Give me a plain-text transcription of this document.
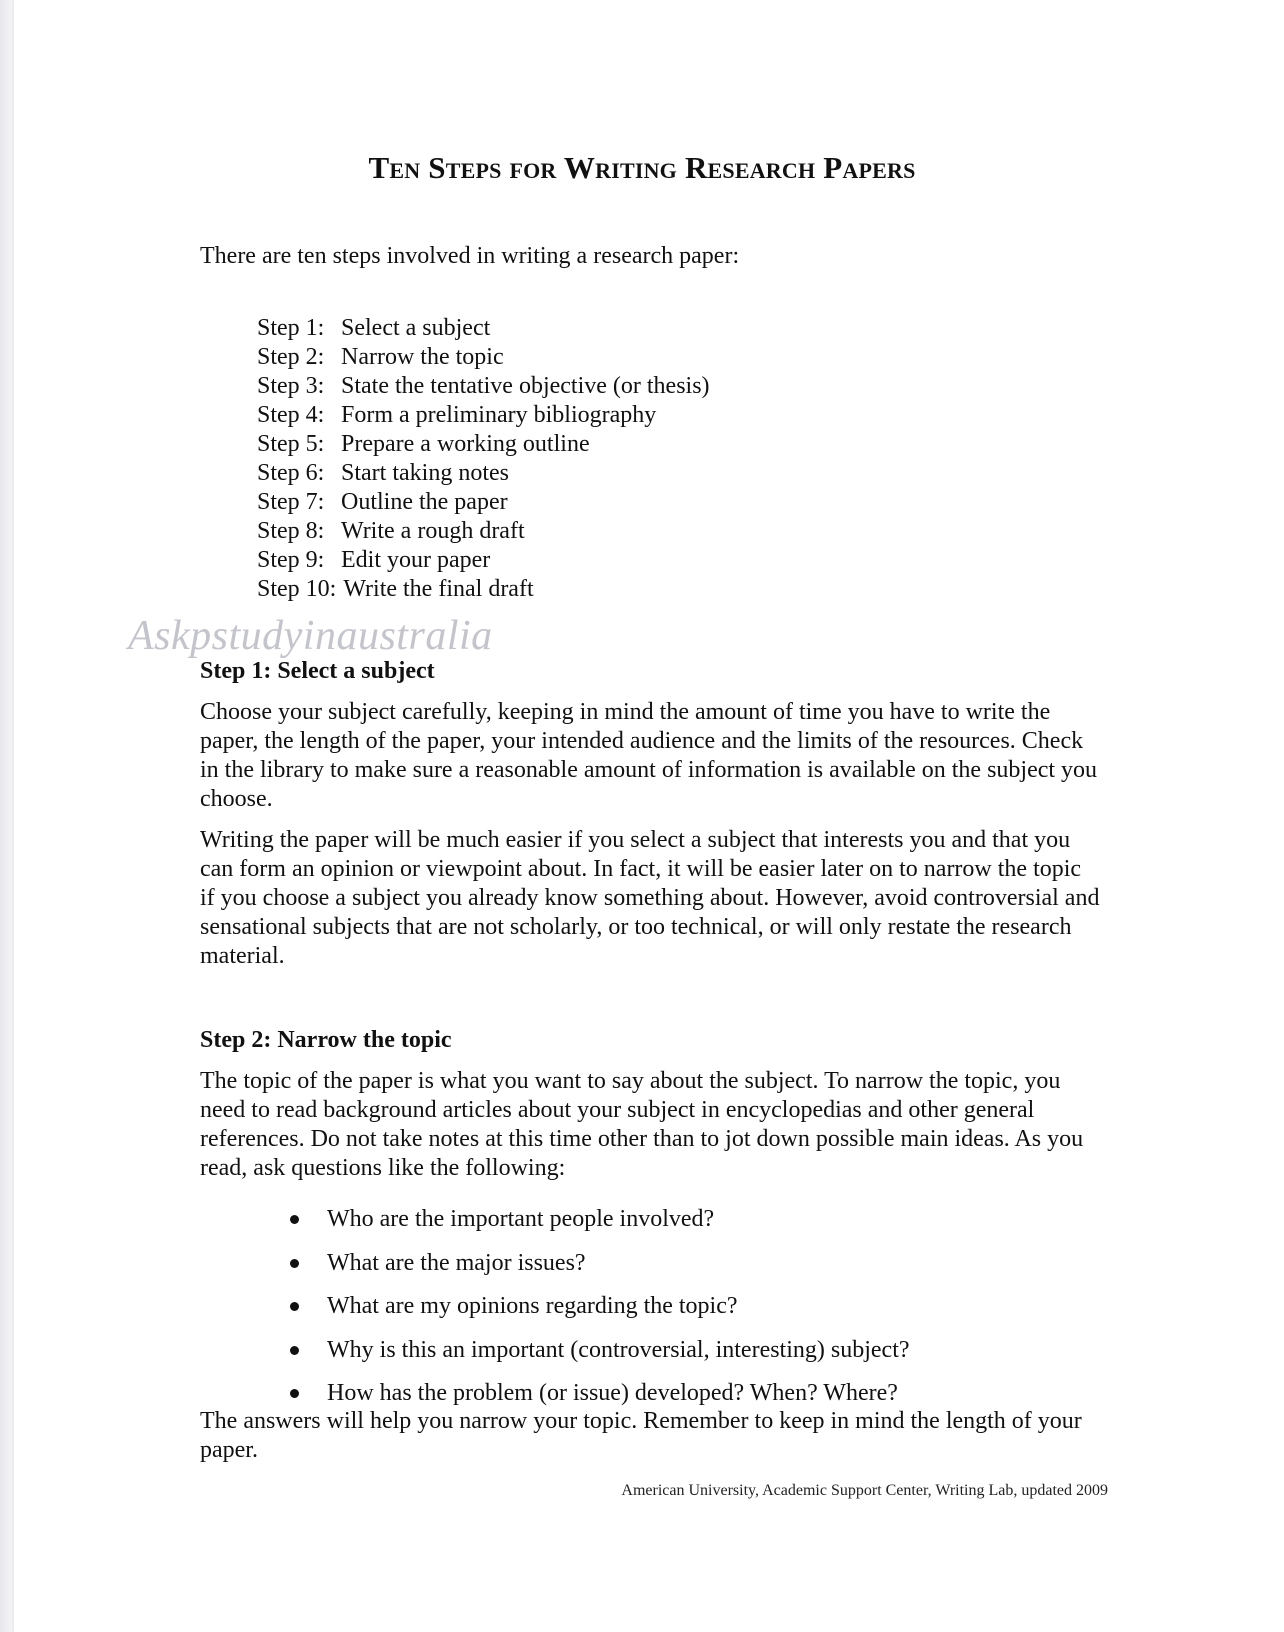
Ten Steps for Writing Research Papers
There are ten steps involved in writing a research paper:
Step 1: Select a subject
Step 2: Narrow the topic
Step 3: State the tentative objective (or thesis)
Step 4: Form a preliminary bibliography
Step 5: Prepare a working outline
Step 6: Start taking notes
Step 7: Outline the paper
Step 8: Write a rough draft
Step 9: Edit your paper
Step 10: Write the final draft
Askpstudyinaustralia
Step 1: Select a subject
Choose your subject carefully, keeping in mind the amount of time you have to write the paper, the length of the paper, your intended audience and the limits of the resources. Check in the library to make sure a reasonable amount of information is available on the subject you choose.
Writing the paper will be much easier if you select a subject that interests you and that you can form an opinion or viewpoint about. In fact, it will be easier later on to narrow the topic if you choose a subject you already know something about. However, avoid controversial and sensational subjects that are not scholarly, or too technical, or will only restate the research material.
Step 2: Narrow the topic
The topic of the paper is what you want to say about the subject. To narrow the topic, you need to read background articles about your subject in encyclopedias and other general references. Do not take notes at this time other than to jot down possible main ideas. As you read, ask questions like the following:
Who are the important people involved?
What are the major issues?
What are my opinions regarding the topic?
Why is this an important (controversial, interesting) subject?
How has the problem (or issue) developed? When? Where?
The answers will help you narrow your topic. Remember to keep in mind the length of your paper.
American University, Academic Support Center, Writing Lab, updated 2009
